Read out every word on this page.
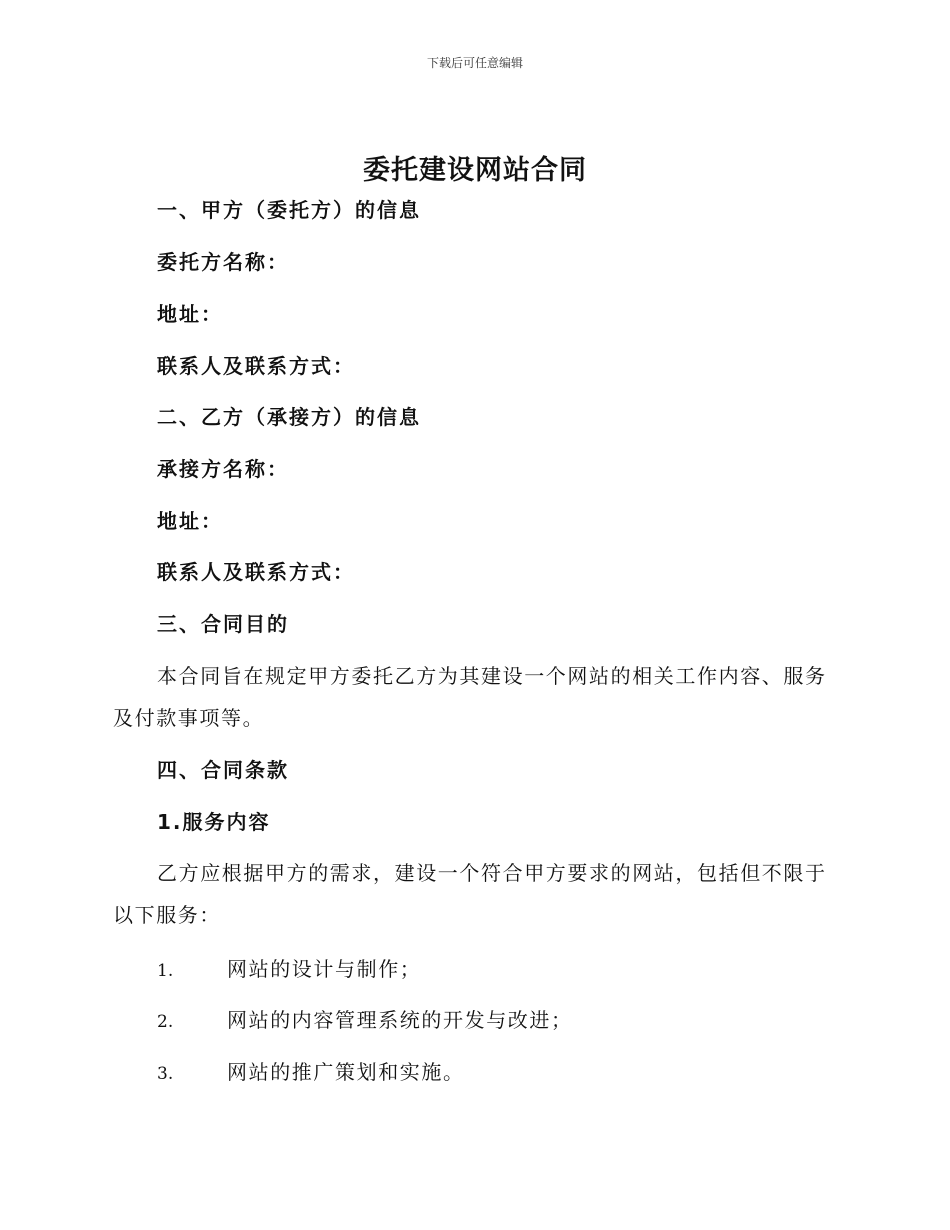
下载后可任意编辑
委托建设网站合同
一、甲方（委托方）的信息
委托方名称：
地址：
联系人及联系方式：
二、乙方（承接方）的信息
承接方名称：
地址：
联系人及联系方式：
三、合同目的
本合同旨在规定甲方委托乙方为其建设一个网站的相关工作内容、服务及付款事项等。
四、合同条款
1.服务内容
乙方应根据甲方的需求，建设一个符合甲方要求的网站，包括但不限于以下服务：
1.	网站的设计与制作；
2.	网站的内容管理系统的开发与改进；
3.	网站的推广策划和实施。
